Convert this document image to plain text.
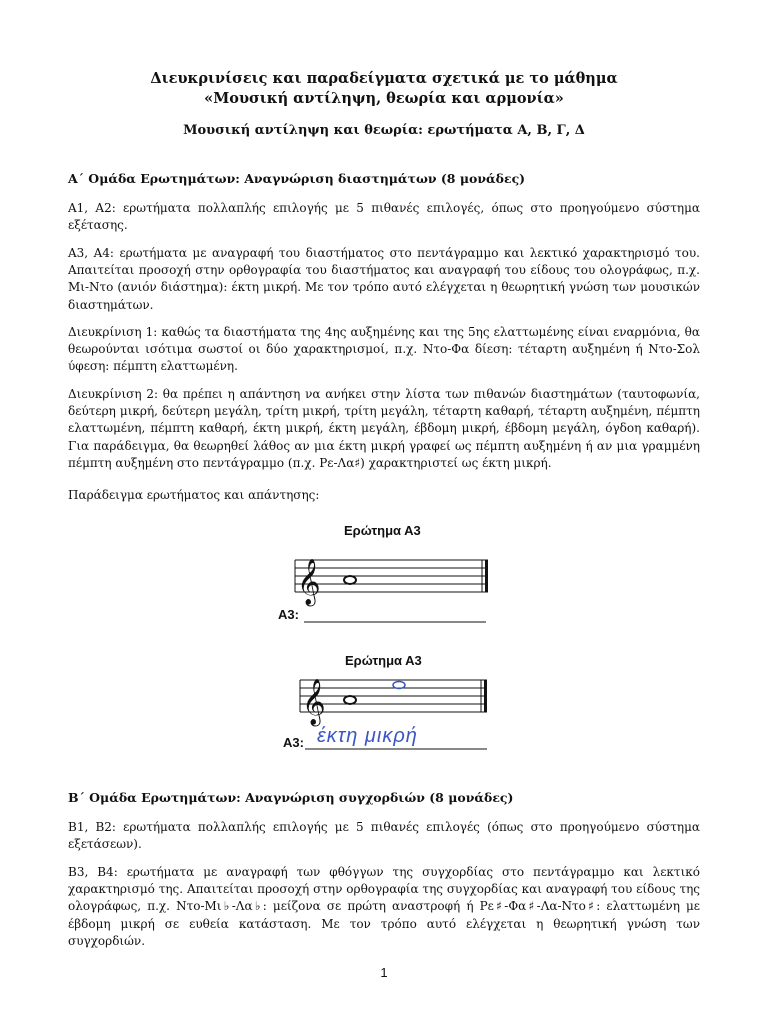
Διευκρινίσεις και παραδείγματα σχετικά με το μάθημα
«Μουσική αντίληψη, θεωρία και αρμονία»
Μουσική αντίληψη και θεωρία: ερωτήματα Α, Β, Γ, Δ
Α΄ Ομάδα Ερωτημάτων: Αναγνώριση διαστημάτων (8 μονάδες)
Α1, Α2: ερωτήματα πολλαπλής επιλογής με 5 πιθανές επιλογές, όπως στο προηγούμενο σύστημα εξέτασης.
Α3, Α4: ερωτήματα με αναγραφή του διαστήματος στο πεντάγραμμο και λεκτικό χαρακτηρισμό του. Απαιτείται προσοχή στην ορθογραφία του διαστήματος και αναγραφή του είδους του ολογράφως, π.χ. Μι-Ντο (ανιόν διάστημα): έκτη μικρή. Με τον τρόπο αυτό ελέγχεται η θεωρητική γνώση των μουσικών διαστημάτων.
Διευκρίνιση 1: καθώς τα διαστήματα της 4ης αυξημένης και της 5ης ελαττωμένης είναι εναρμόνια, θα θεωρούνται ισότιμα σωστοί οι δύο χαρακτηρισμοί, π.χ. Ντο-Φα δίεση: τέταρτη αυξημένη ή Ντο-Σολ ύφεση: πέμπτη ελαττωμένη.
Διευκρίνιση 2: θα πρέπει η απάντηση να ανήκει στην λίστα των πιθανών διαστημάτων (ταυτοφωνία, δεύτερη μικρή, δεύτερη μεγάλη, τρίτη μικρή, τρίτη μεγάλη, τέταρτη καθαρή, τέταρτη αυξημένη, πέμπτη ελαττωμένη, πέμπτη καθαρή, έκτη μικρή, έκτη μεγάλη, έβδομη μικρή, έβδομη μεγάλη, όγδοη καθαρή). Για παράδειγμα, θα θεωρηθεί λάθος αν μια έκτη μικρή γραφεί ως πέμπτη αυξημένη ή αν μια γραμμένη πέμπτη αυξημένη στο πεντάγραμμο (π.χ. Ρε-Λα♯) χαρακτηριστεί ως έκτη μικρή.
Παράδειγμα ερωτήματος και απάντησης:
Ερώτημα Α3
𝄞
Α3:
Ερώτημα Α3
𝄞
Α3: έκτη μικρή
Β΄ Ομάδα Ερωτημάτων: Αναγνώριση συγχορδιών (8 μονάδες)
Β1, Β2: ερωτήματα πολλαπλής επιλογής με 5 πιθανές επιλογές (όπως στο προηγούμενο σύστημα εξετάσεων).
Β3, Β4: ερωτήματα με αναγραφή των φθόγγων της συγχορδίας στο πεντάγραμμο και λεκτικό χαρακτηρισμό της. Απαιτείται προσοχή στην ορθογραφία της συγχορδίας και αναγραφή του είδους της ολογράφως, π.χ. Ντο-Μι♭-Λα♭: μείζονα σε πρώτη αναστροφή ή Ρε♯-Φα♯-Λα-Ντο♯: ελαττωμένη με έβδομη μικρή σε ευθεία κατάσταση. Με τον τρόπο αυτό ελέγχεται η θεωρητική γνώση των συγχορδιών.
1
